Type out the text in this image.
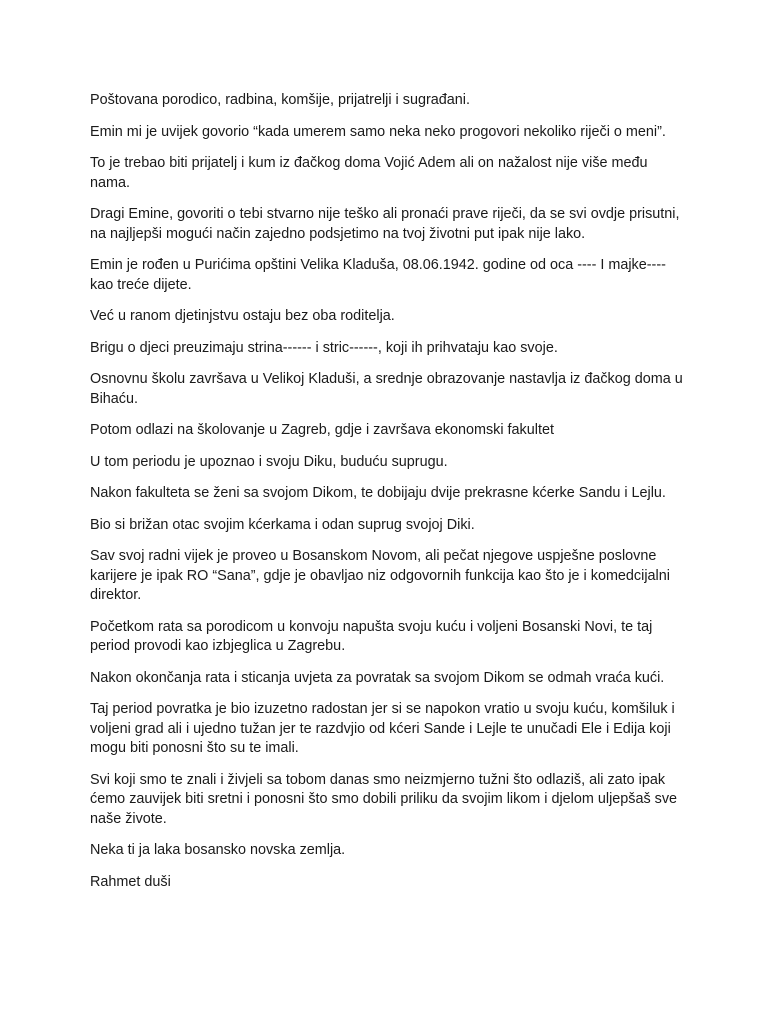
Poštovana porodico, radbina, komšije, prijatrelji i sugrađani.

Emin mi je uvijek govorio “kada umerem samo neka neko progovori nekoliko riječi o meni”.

To je trebao biti prijatelj i kum iz đačkog doma Vojić Adem ali on nažalost nije više među nama.

Dragi Emine, govoriti o tebi stvarno nije teško ali pronaći prave riječi, da se svi ovdje prisutni, na najljepši mogući način zajedno podsjetimo na tvoj životni put ipak nije lako.

Emin je rođen u Purićima opštini Velika Kladuša, 08.06.1942. godine od oca ---- I majke---- kao treće dijete.

Već u ranom djetinjstvu ostaju bez oba roditelja.

Brigu o djeci preuzimaju strina------ i stric------, koji ih prihvataju kao svoje.

Osnovnu školu završava u Velikoj Kladuši, a srednje obrazovanje nastavlja iz đačkog doma u Bihaću.

Potom odlazi na školovanje u Zagreb, gdje i završava ekonomski fakultet

U tom periodu je upoznao i svoju Diku, buduću suprugu.

Nakon fakulteta se ženi sa svojom Dikom, te dobijaju dvije prekrasne kćerke Sandu i Lejlu.

Bio si brižan otac svojim kćerkama i odan suprug svojoj Diki.

Sav svoj radni vijek je proveo u Bosanskom Novom, ali pečat njegove uspješne poslovne karijere je ipak RO “Sana”, gdje je obavljao niz odgovornih funkcija kao što je i komedcijalni direktor.

Početkom rata sa porodicom u konvoju napušta svoju kuću i voljeni Bosanski Novi, te taj period provodi kao izbjeglica u Zagrebu.

Nakon okončanja rata i sticanja uvjeta za povratak sa svojom Dikom se odmah vraća kući.

Taj period povratka je bio izuzetno radostan jer si se napokon vratio u svoju kuću, komšiluk i voljeni grad ali i ujedno tužan jer te razdvjio od kćeri Sande i Lejle te unučadi Ele i Edija koji mogu biti ponosni što su te imali.

Svi koji smo te znali i živjeli sa tobom danas smo neizmjerno tužni što odlaziš, ali zato ipak ćemo zauvijek biti sretni i ponosni što smo dobili priliku da svojim likom i djelom uljepšaš sve naše živote.

Neka ti ja laka bosansko novska zemlja.

Rahmet duši
